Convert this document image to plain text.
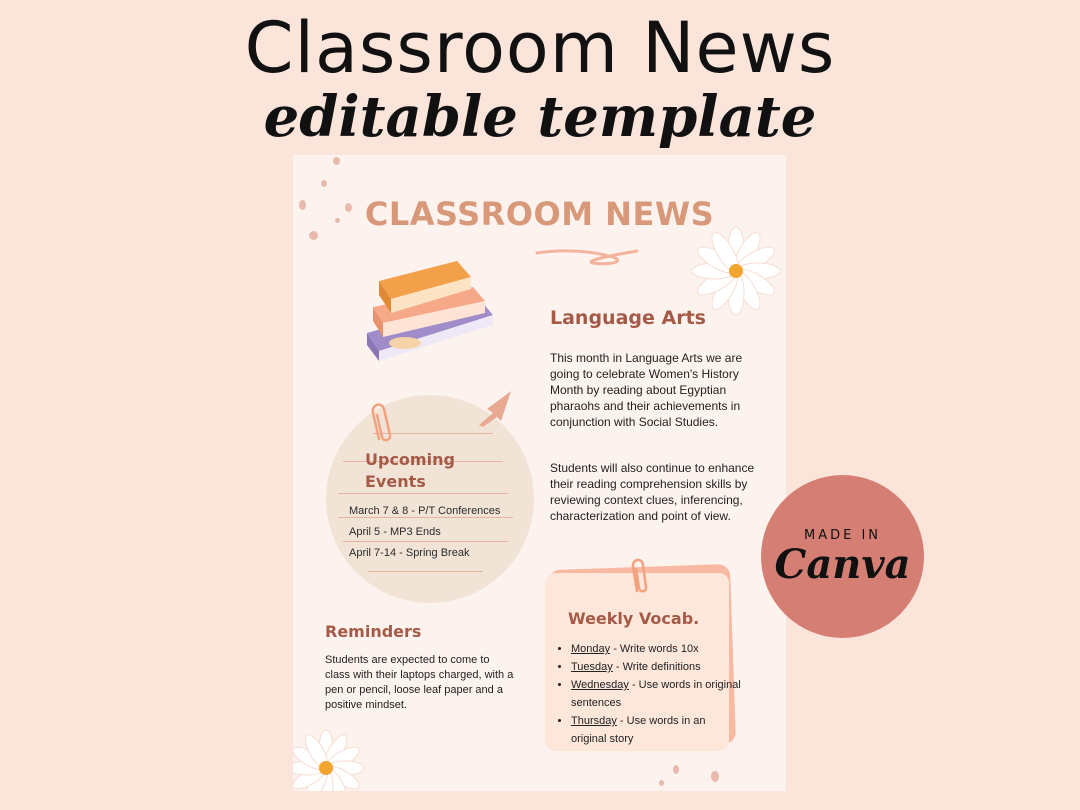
Classroom News
editable template
CLASSROOM NEWS
Upcoming
Events
March 7 & 8 - P/T Conferences
April 5 - MP3 Ends
April 7-14 - Spring Break
Language Arts
This month in Language Arts we are going to celebrate Women's History Month by reading about Egyptian pharaohs and their achievements in conjunction with Social Studies.
Students will also continue to enhance their reading comprehension skills by reviewing context clues, inferencing, characterization and point of view.
Reminders
Students are expected to come to class with their laptops charged, with a pen or pencil, loose leaf paper and a positive mindset.
Weekly Vocab.
• Monday - Write words 10x
• Tuesday - Write definitions
• Wednesday - Use words in original sentences
• Thursday - Use words in an original story
MADE IN
Canva
